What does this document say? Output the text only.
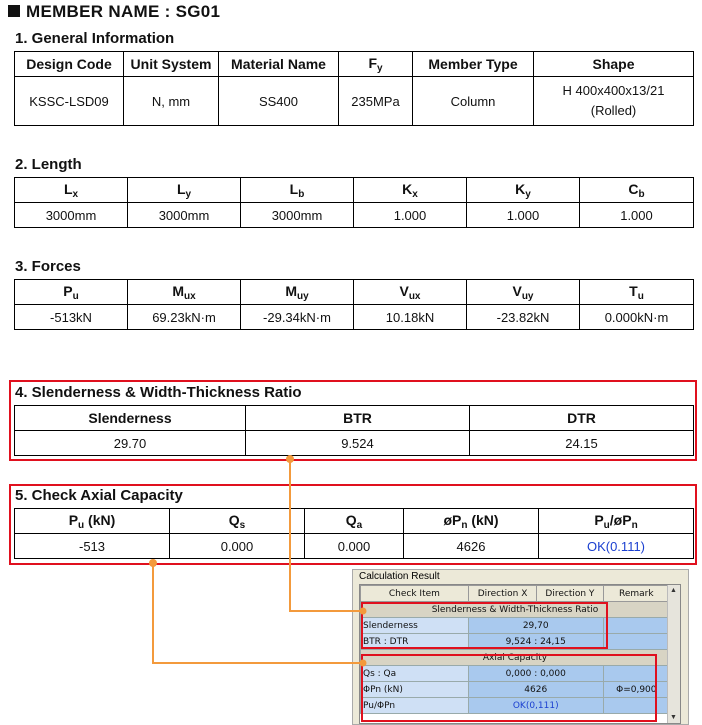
MEMBER NAME : SG01
1. General Information
Design Code	Unit System	Material Name	$F_y$	Member Type	Shape
KSSC-LSD09	N, mm	SS400	235MPa	Column	H 400x400x13/21
(Rolled)
2. Length
$L_x$	$L_y$	$L_b$	$K_x$	$K_y$	$C_b$
3000mm	3000mm	3000mm	1.000	1.000	1.000
3. Forces
$P_u$	$M_{ux}$	$M_{uy}$	$V_{ux}$	$V_{uy}$	$T_u$
-513kN	69.23kN·m	-29.34kN·m	10.18kN	-23.82kN	0.000kN·m
4. Slenderness & Width-Thickness Ratio
Slenderness	BTR	DTR
29.70	9.524	24.15
5. Check Axial Capacity
$P_u$ (kN)	$Q_s$	$Q_a$	$øP_n$ (kN)	$P_u/øP_n$
-513	0.000	0.000	4626	OK(0.111)
Calculation Result
Check Item	Direction X	Direction Y	Remark
Slenderness & Width-Thickness Ratio			
Slenderness	29,70		
BTR : DTR	9,524 : 24,15		
Axial Capacity			
Qs : Qa	0,000 : 0,000		
ΦPn (kN)	4626		Φ=0,900
Pu/ΦPn	OK(0,111)		
▲
▼
